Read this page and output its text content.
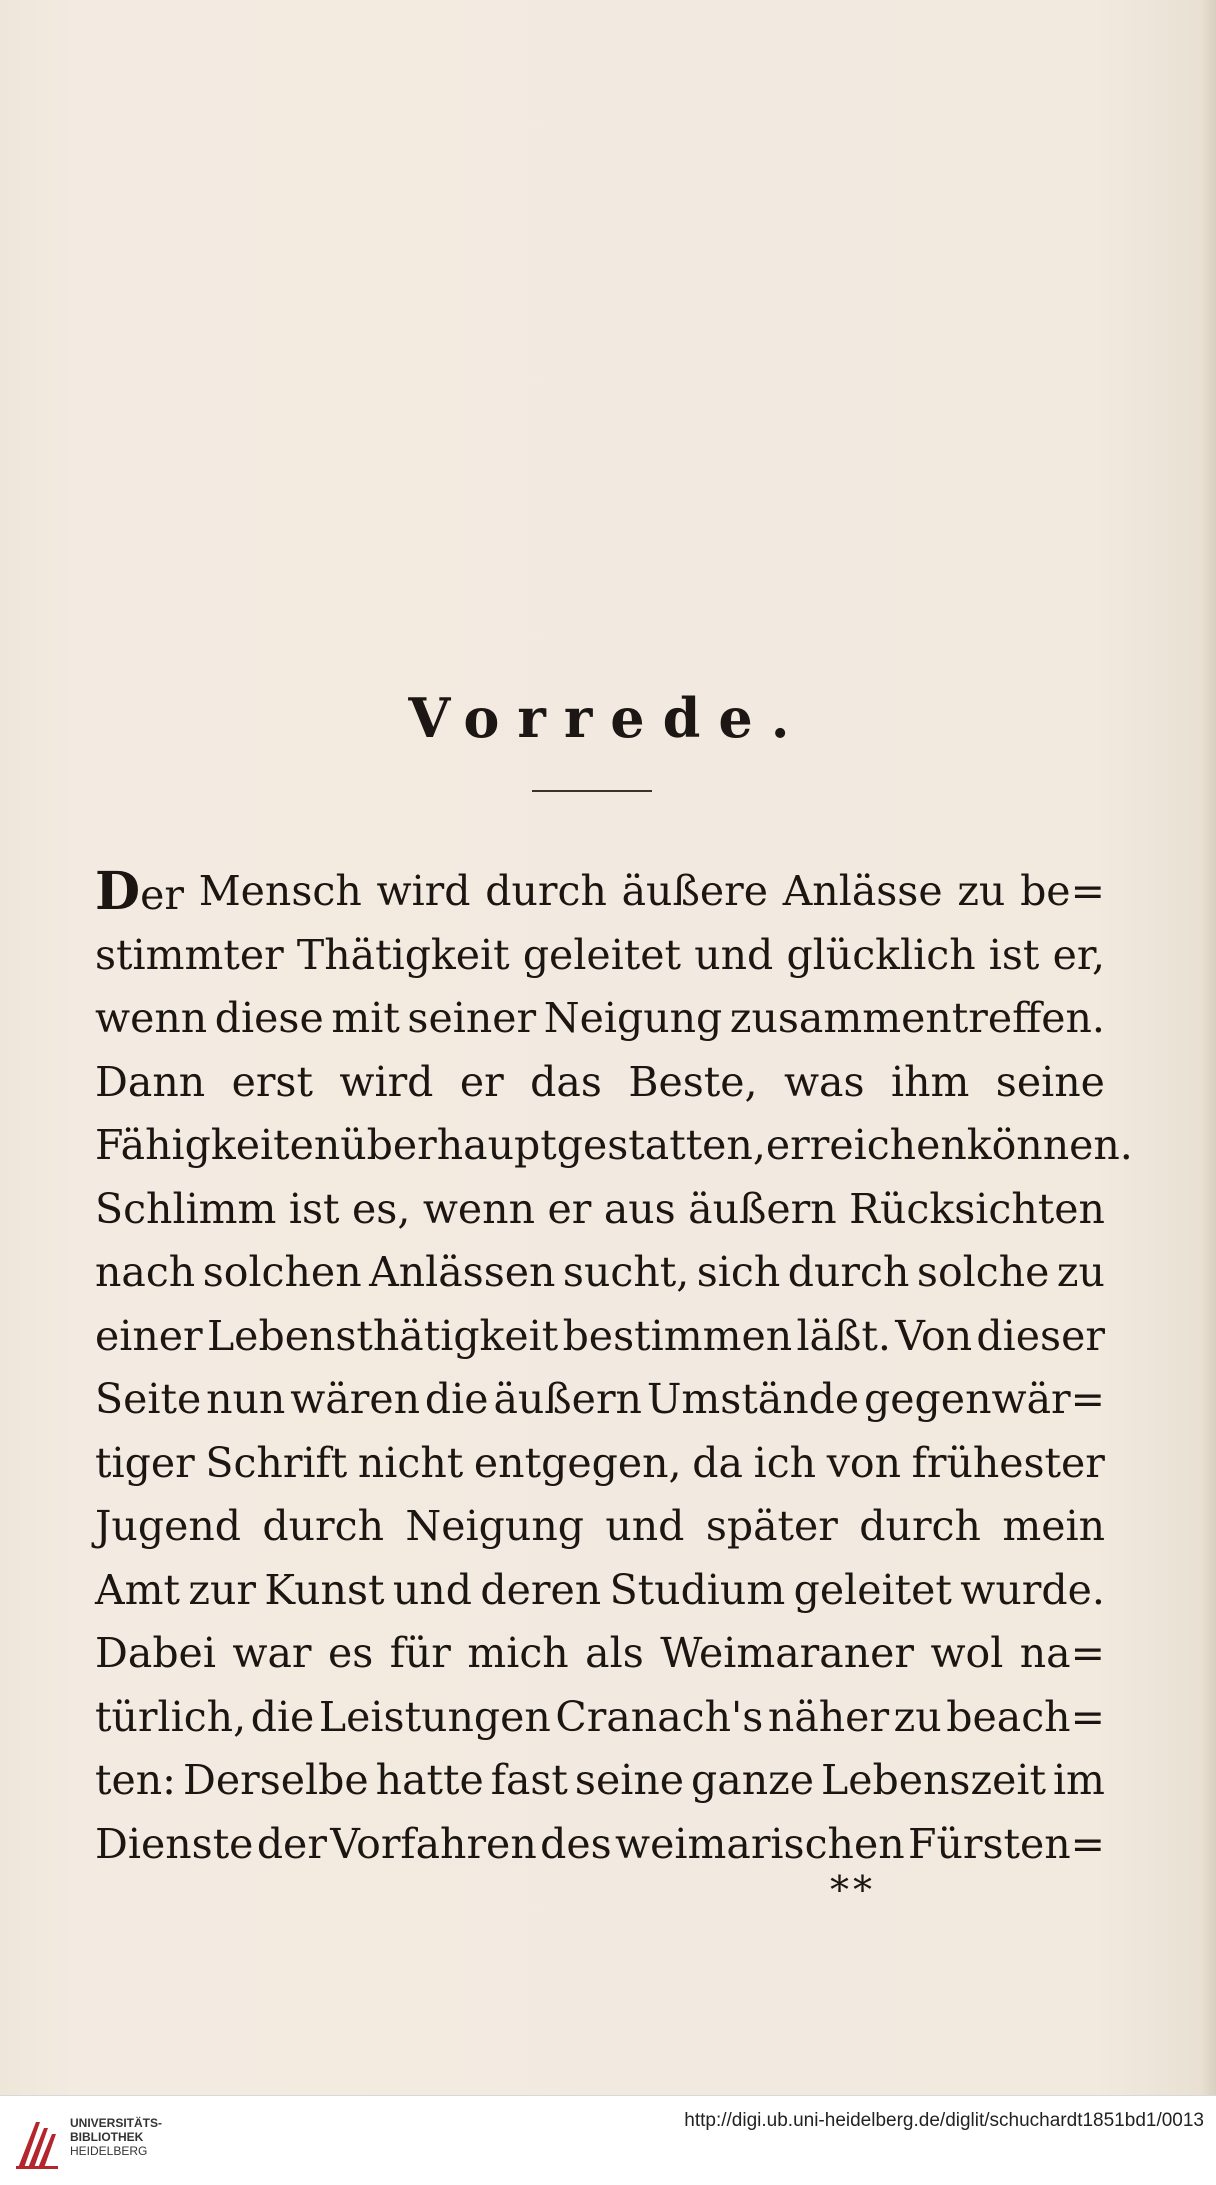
Vorrede.
Der Mensch wird durch äußere Anlässe zu be=
stimmter Thätigkeit geleitet und glücklich ist er,
wenn diese mit seiner Neigung zusammentreffen.
Dann erst wird er das Beste, was ihm seine
Fähigkeiten überhaupt gestatten, erreichen können.
Schlimm ist es, wenn er aus äußern Rücksichten
nach solchen Anlässen sucht, sich durch solche zu
einer Lebensthätigkeit bestimmen läßt. Von dieser
Seite nun wären die äußern Umstände gegenwär=
tiger Schrift nicht entgegen, da ich von frühester
Jugend durch Neigung und später durch mein
Amt zur Kunst und deren Studium geleitet wurde.
Dabei war es für mich als Weimaraner wol na=
türlich, die Leistungen Cranach's näher zu beach=
ten: Derselbe hatte fast seine ganze Lebenszeit im
Dienste der Vorfahren des weimarischen Fürsten=
**
UNIVERSITÄTS-
BIBLIOTHEK
HEIDELBERG
http://digi.ub.uni-heidelberg.de/diglit/schuchardt1851bd1/0013
